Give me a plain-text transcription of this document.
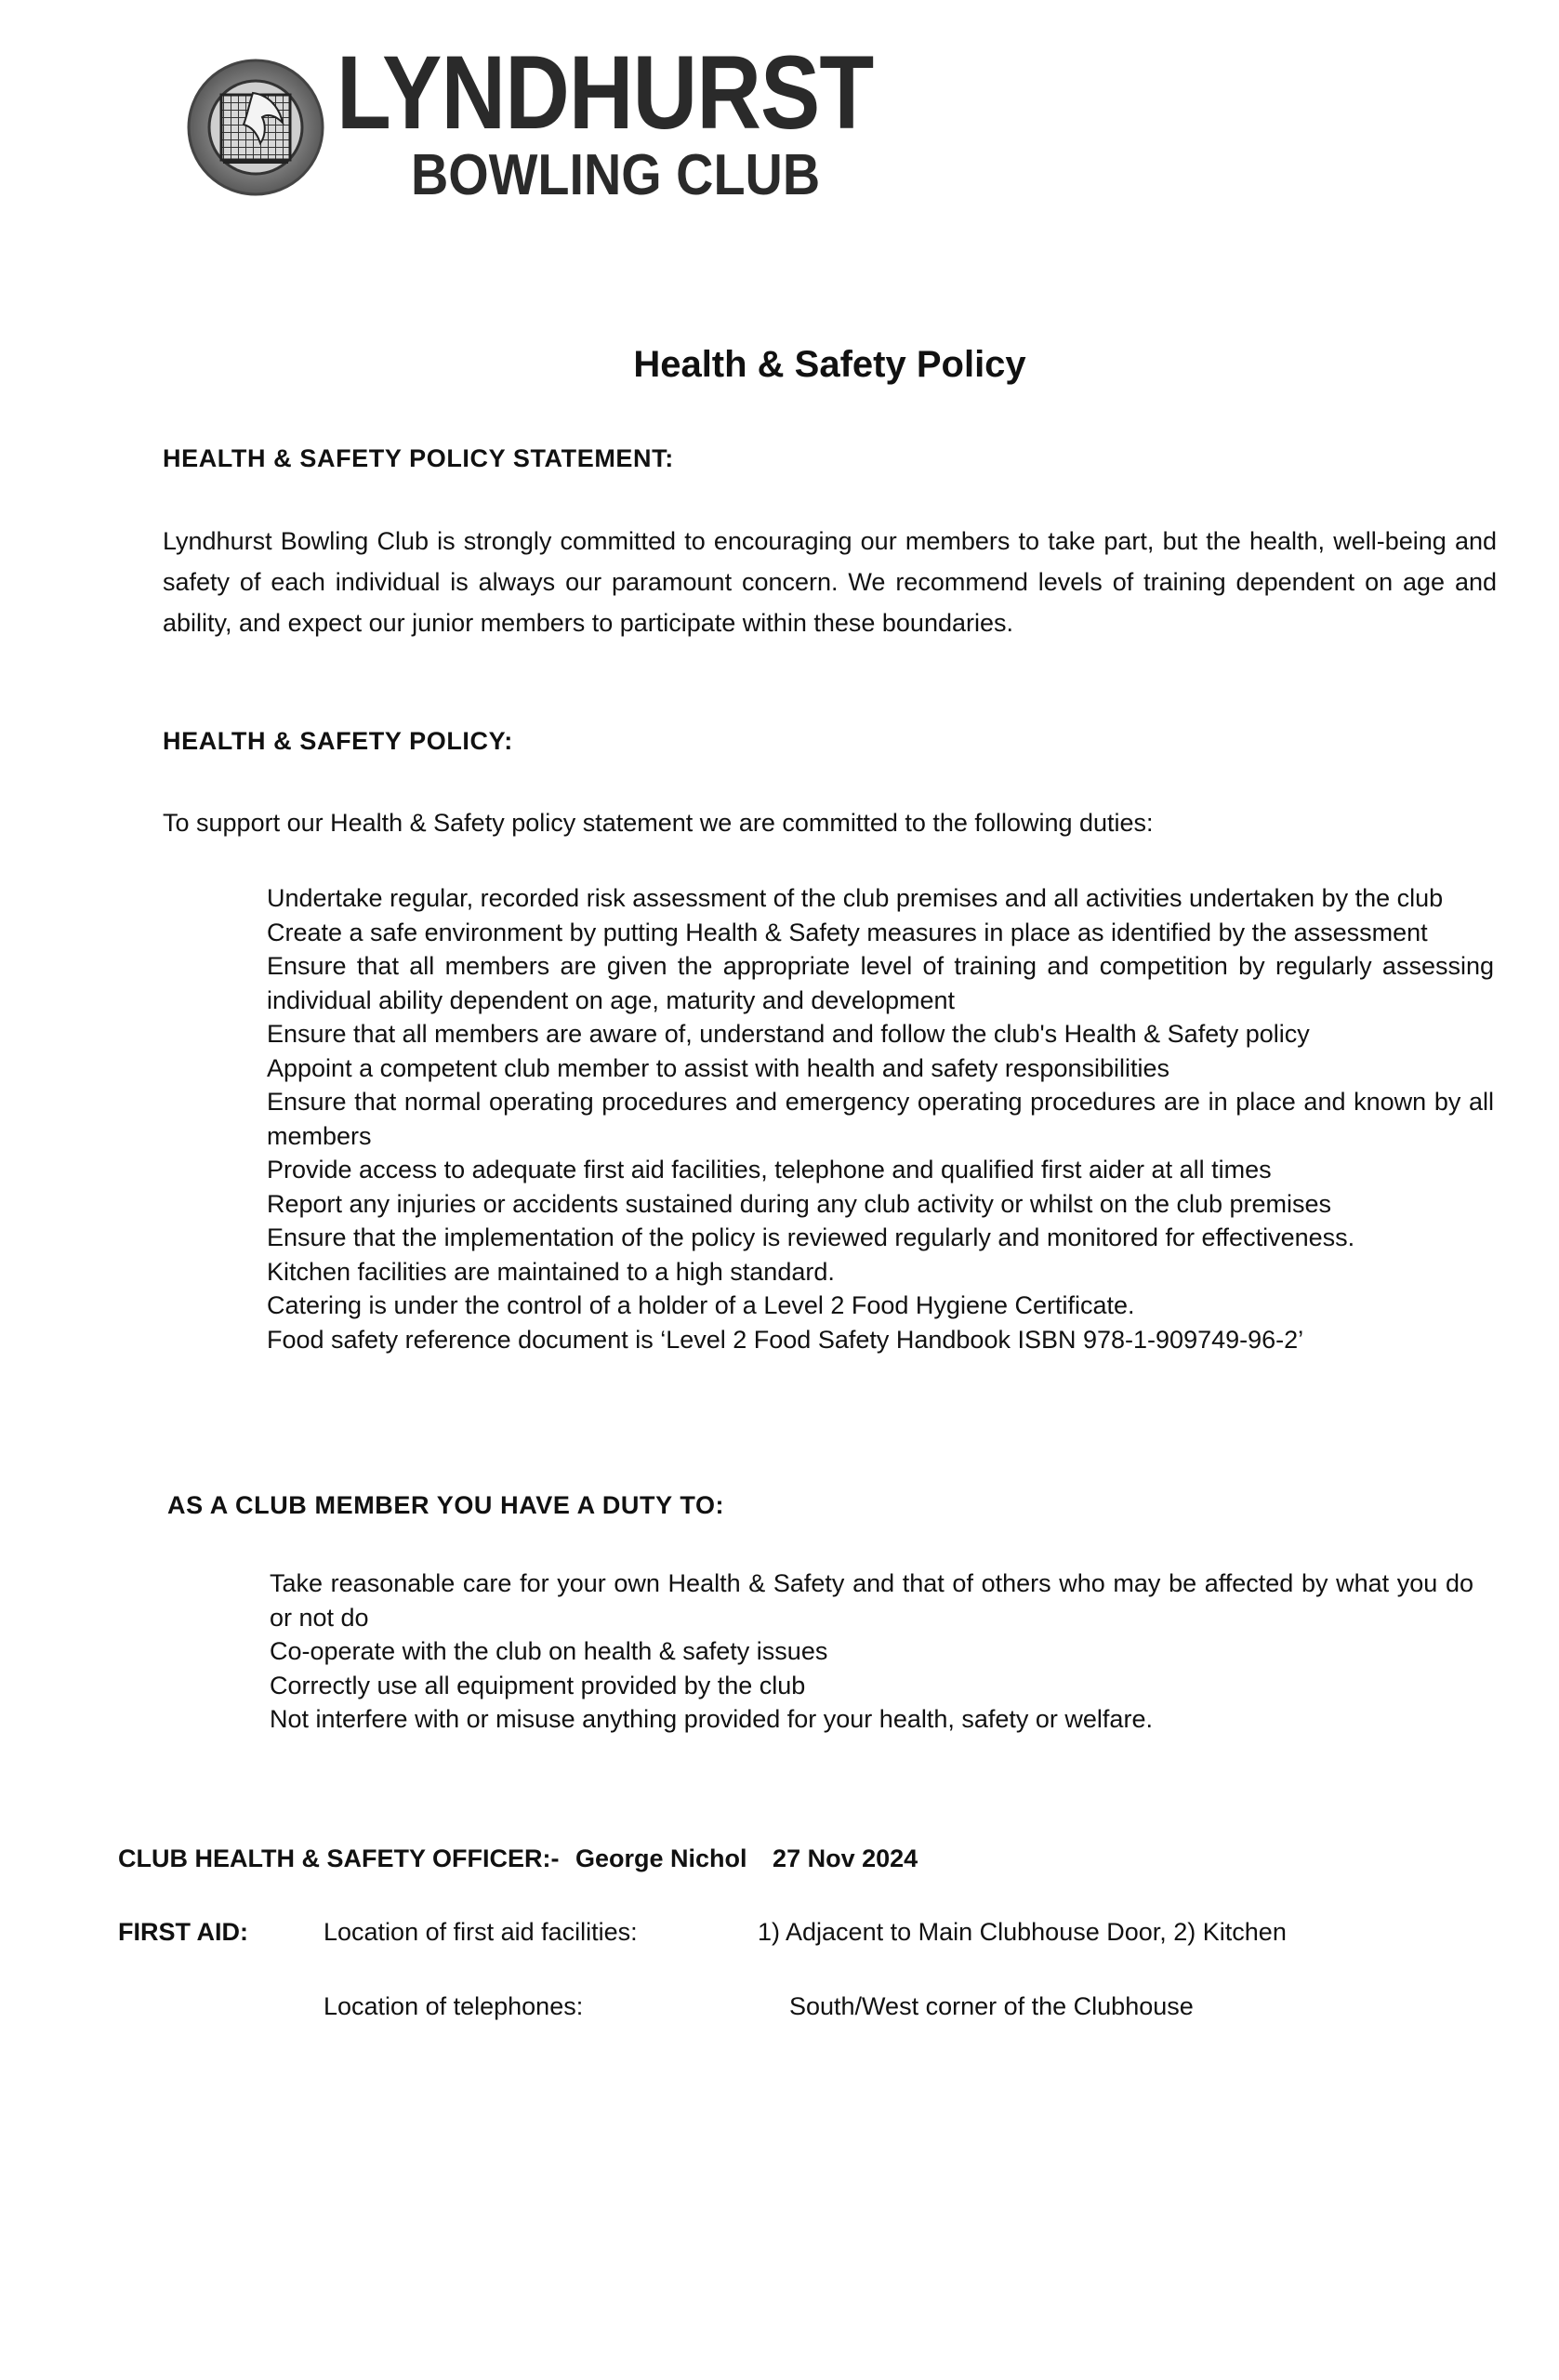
LYNDHURST
BOWLING CLUB
Health & Safety Policy
HEALTH & SAFETY POLICY STATEMENT:
Lyndhurst Bowling Club is strongly committed to encouraging our members to take part, but the health, well-being and safety of each individual is always our paramount concern. We recommend levels of training dependent on age and ability, and expect our junior members to participate within these boundaries.
HEALTH & SAFETY POLICY:
To support our Health & Safety policy statement we are committed to the following duties:
Undertake regular, recorded risk assessment of the club premises and all activities undertaken by the club
Create a safe environment by putting Health & Safety measures in place as identified by the assessment
Ensure that all members are given the appropriate level of training and competition by regularly assessing individual ability dependent on age, maturity and development
Ensure that all members are aware of, understand and follow the club's Health & Safety policy
Appoint a competent club member to assist with health and safety responsibilities
Ensure that normal operating procedures and emergency operating procedures are in place and known by all members
Provide access to adequate first aid facilities, telephone and qualified first aider at all times
Report any injuries or accidents sustained during any club activity or whilst on the club premises
Ensure that the implementation of the policy is reviewed regularly and monitored for effectiveness.
Kitchen facilities are maintained to a high standard.
Catering is under the control of a holder of a Level 2 Food Hygiene Certificate.
Food safety reference document is ‘Level 2 Food Safety Handbook ISBN 978-1-909749-96-2’
AS A CLUB MEMBER YOU HAVE A DUTY TO:
Take reasonable care for your own Health & Safety and that of others who may be affected by what you do or not do
Co-operate with the club on health & safety issues
Correctly use all equipment provided by the club
Not interfere with or misuse anything provided for your health, safety or welfare.
CLUB HEALTH & SAFETY OFFICER:- George Nichol 27 Nov 2024
FIRST AID:	Location of first aid facilities:	1) Adjacent to Main Clubhouse Door, 2) Kitchen
Location of telephones:	South/West corner of the Clubhouse
